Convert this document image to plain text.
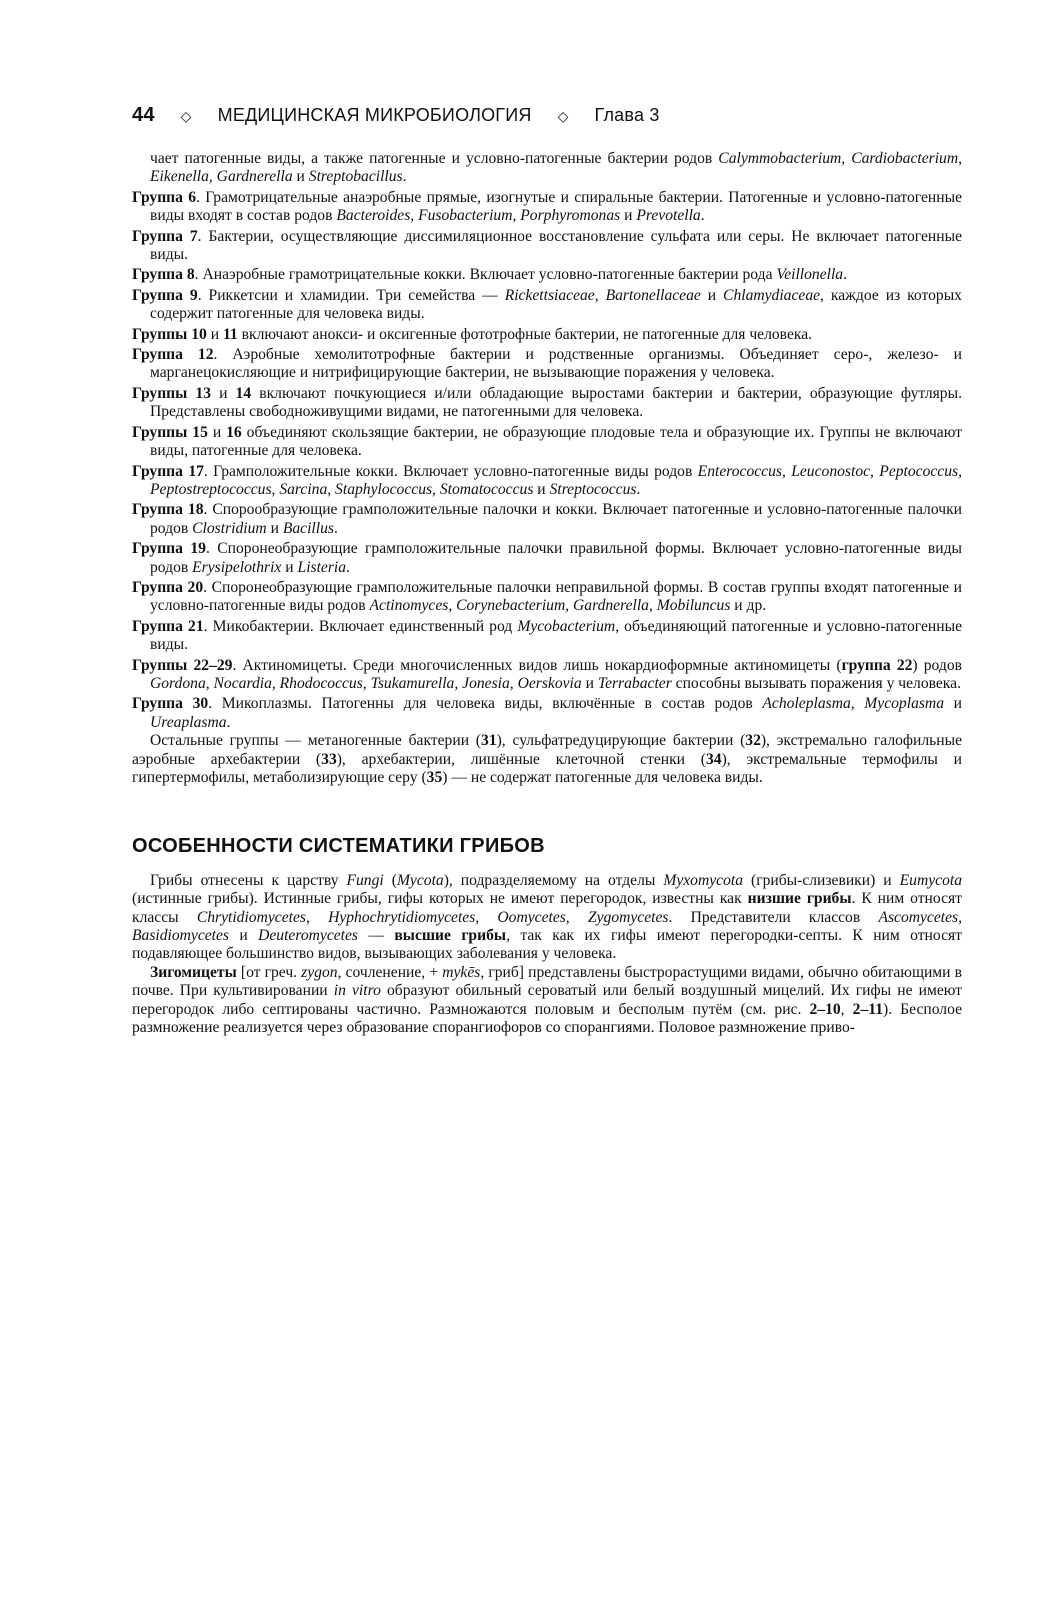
44 ◇ МЕДИЦИНСКАЯ МИКРОБИОЛОГИЯ ◇ Глава 3

чает патогенные виды, а также патогенные и условно-патогенные бактерии родов Calymmobacterium, Cardiobacterium, Eikenella, Gardnerella и Streptobacillus.

Группа 6. Грамотрицательные анаэробные прямые, изогнутые и спиральные бактерии. Патогенные и условно-патогенные виды входят в состав родов Bacteroides, Fusobacterium, Porphyromonas и Prevotella.

Группа 7. Бактерии, осуществляющие диссимиляционное восстановление сульфата или серы. Не включает патогенные виды.

Группа 8. Анаэробные грамотрицательные кокки. Включает условно-патогенные бактерии рода Veillonella.

Группа 9. Риккетсии и хламидии. Три семейства — Rickettsiaceae, Bartonellaceae и Chlamydiaceae, каждое из которых содержит патогенные для человека виды.

Группы 10 и 11 включают анокси- и оксигенные фототрофные бактерии, не патогенные для человека.

Группа 12. Аэробные хемолитотрофные бактерии и родственные организмы. Объединяет серо-, железо- и марганецокисляющие и нитрифицирующие бактерии, не вызывающие поражения у человека.

Группы 13 и 14 включают почкующиеся и/или обладающие выростами бактерии и бактерии, образующие футляры. Представлены свободноживущими видами, не патогенными для человека.

Группы 15 и 16 объединяют скользящие бактерии, не образующие плодовые тела и образующие их. Группы не включают виды, патогенные для человека.

Группа 17. Грамположительные кокки. Включает условно-патогенные виды родов Enterococcus, Leuconostoc, Peptococcus, Peptostreptococcus, Sarcina, Staphylococcus, Stomatococcus и Streptococcus.

Группа 18. Спорообразующие грамположительные палочки и кокки. Включает патогенные и условно-патогенные палочки родов Clostridium и Bacillus.

Группа 19. Спoронеобразующие грамположительные палочки правильной формы. Включает условно-патогенные виды родов Erysipelothrix и Listeria.

Группа 20. Спoронеобразующие грамположительные палочки неправильной формы. В состав группы входят патогенные и условно-патогенные виды родов Actinomyces, Corynebacterium, Gardnerella, Mobiluncus и др.

Группа 21. Микобактерии. Включает единственный род Mycobacterium, объединяющий патогенные и условно-патогенные виды.

Группы 22–29. Актиномицеты. Среди многочисленных видов лишь нокардиоформные актиномицеты (группа 22) родов Gordona, Nocardia, Rhodococcus, Tsukamurella, Jonesia, Oerskovia и Terrabacter способны вызывать поражения у человека.

Группа 30. Микоплазмы. Патогенны для человека виды, включённые в состав родов Acholeplasma, Mycoplasma и Ureaplasma.

Остальные группы — метаногенные бактерии (31), сульфатредуцирующие бактерии (32), экстремально галофильные аэробные архебактерии (33), архебактерии, лишённые клеточной стенки (34), экстремальные термофилы и гипертермофилы, метаболизирующие серу (35) — не содержат патогенные для человека виды.

ОСОБЕННОСТИ СИСТЕМАТИКИ ГРИБОВ

Грибы отнесены к царству Fungi (Mycota), подразделяемому на отделы Myxomycota (грибы-слизевики) и Eumycota (истинные грибы). Истинные грибы, гифы которых не имеют перегородок, известны как низшие грибы. К ним относят классы Chrytidiomycetes, Hyphochrytidiomycetes, Oomycetes, Zygomycetes. Представители классов Ascomycetes, Basidiomycetes и Deuteromycetes — высшие грибы, так как их гифы имеют перегородки-септы. К ним относят подавляющее большинство видов, вызывающих заболевания у человека.

Зигомицеты [от греч. zygon, сочленение, + mykēs, гриб] представлены быстрорастущими видами, обычно обитающими в почве. При культивировании in vitro образуют обильный сероватый или белый воздушный мицелий. Их гифы не имеют перегородок либо септированы частично. Размножаются половым и бесполым путём (см. рис. 2–10, 2–11). Бесполое размножение реализуется через образование спорангиофоров со спорангиями. Половое размножение приво-
